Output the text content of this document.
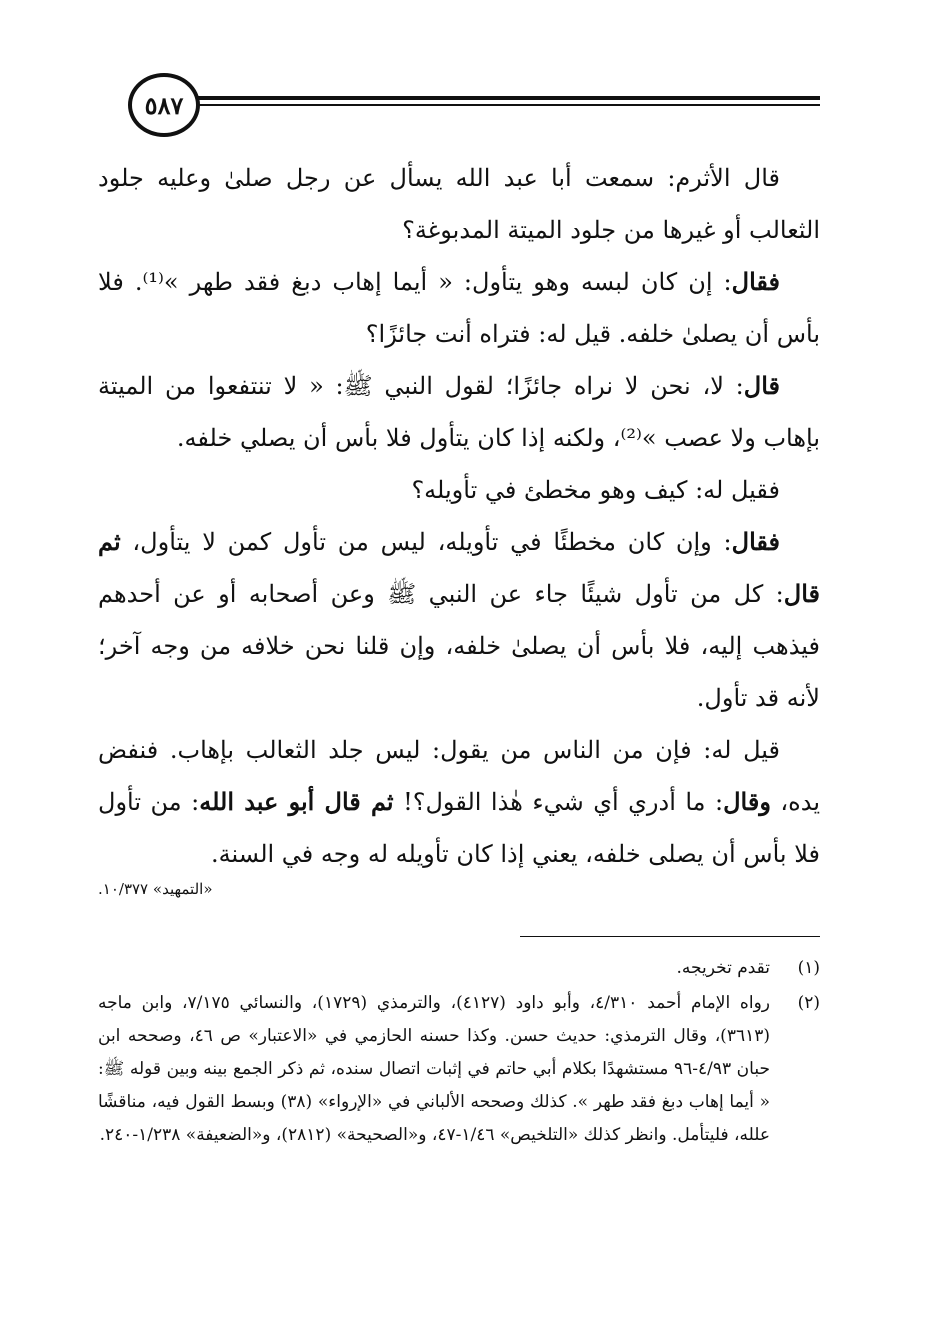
٥٨٧

قال الأثرم: سمعت أبا عبد الله يسأل عن رجل صلىٰ وعليه جلود الثعالب أو غيرها من جلود الميتة المدبوغة؟

فقال: إن كان لبسه وهو يتأول: « أيما إهاب دبغ فقد طهر »⁽¹⁾. فلا بأس أن يصلىٰ خلفه. قيل له: فتراه أنت جائزًا؟

قال: لا، نحن لا نراه جائزًا؛ لقول النبي ﷺ: « لا تنتفعوا من الميتة بإهاب ولا عصب »⁽²⁾، ولكنه إذا كان يتأول فلا بأس أن يصلي خلفه.

فقيل له: كيف وهو مخطئ في تأويله؟

فقال: وإن كان مخطئًا في تأويله، ليس من تأول كمن لا يتأول، ثم قال: كل من تأول شيئًا جاء عن النبي ﷺ وعن أصحابه أو عن أحدهم فيذهب إليه، فلا بأس أن يصلىٰ خلفه، وإن قلنا نحن خلافه من وجه آخر؛ لأنه قد تأول.

قيل له: فإن من الناس من يقول: ليس جلد الثعالب بإهاب. فنفض يده، وقال: ما أدري أي شيء هٰذا القول؟! ثم قال أبو عبد الله: من تأول فلا بأس أن يصلى خلفه، يعني إذا كان تأويله له وجه في السنة.

«التمهيد» ١٠/٣٧٧.
(١)
تقدم تخريجه.
(٢)
رواه الإمام أحمد ٤/٣١٠، وأبو داود (٤١٢٧)، والترمذي (١٧٢٩)، والنسائي ٧/١٧٥، وابن ماجه (٣٦١٣)، وقال الترمذي: حديث حسن. وكذا حسنه الحازمي في «الاعتبار» ص ٤٦، وصححه ابن حبان ٤/٩٣-٩٦ مستشهدًا بكلام أبي حاتم في إثبات اتصال سنده، ثم ذكر الجمع بينه وبين قوله ﷺ: « أيما إهاب دبغ فقد طهر ». كذلك وصححه الألباني في «الإرواء» (٣٨) وبسط القول فيه، مناقشًا علله، فليتأمل. وانظر كذلك «التلخيص» ١/٤٦-٤٧، و«الصحيحة» (٢٨١٢)، و«الضعيفة» ١/٢٣٨-٢٤٠.
